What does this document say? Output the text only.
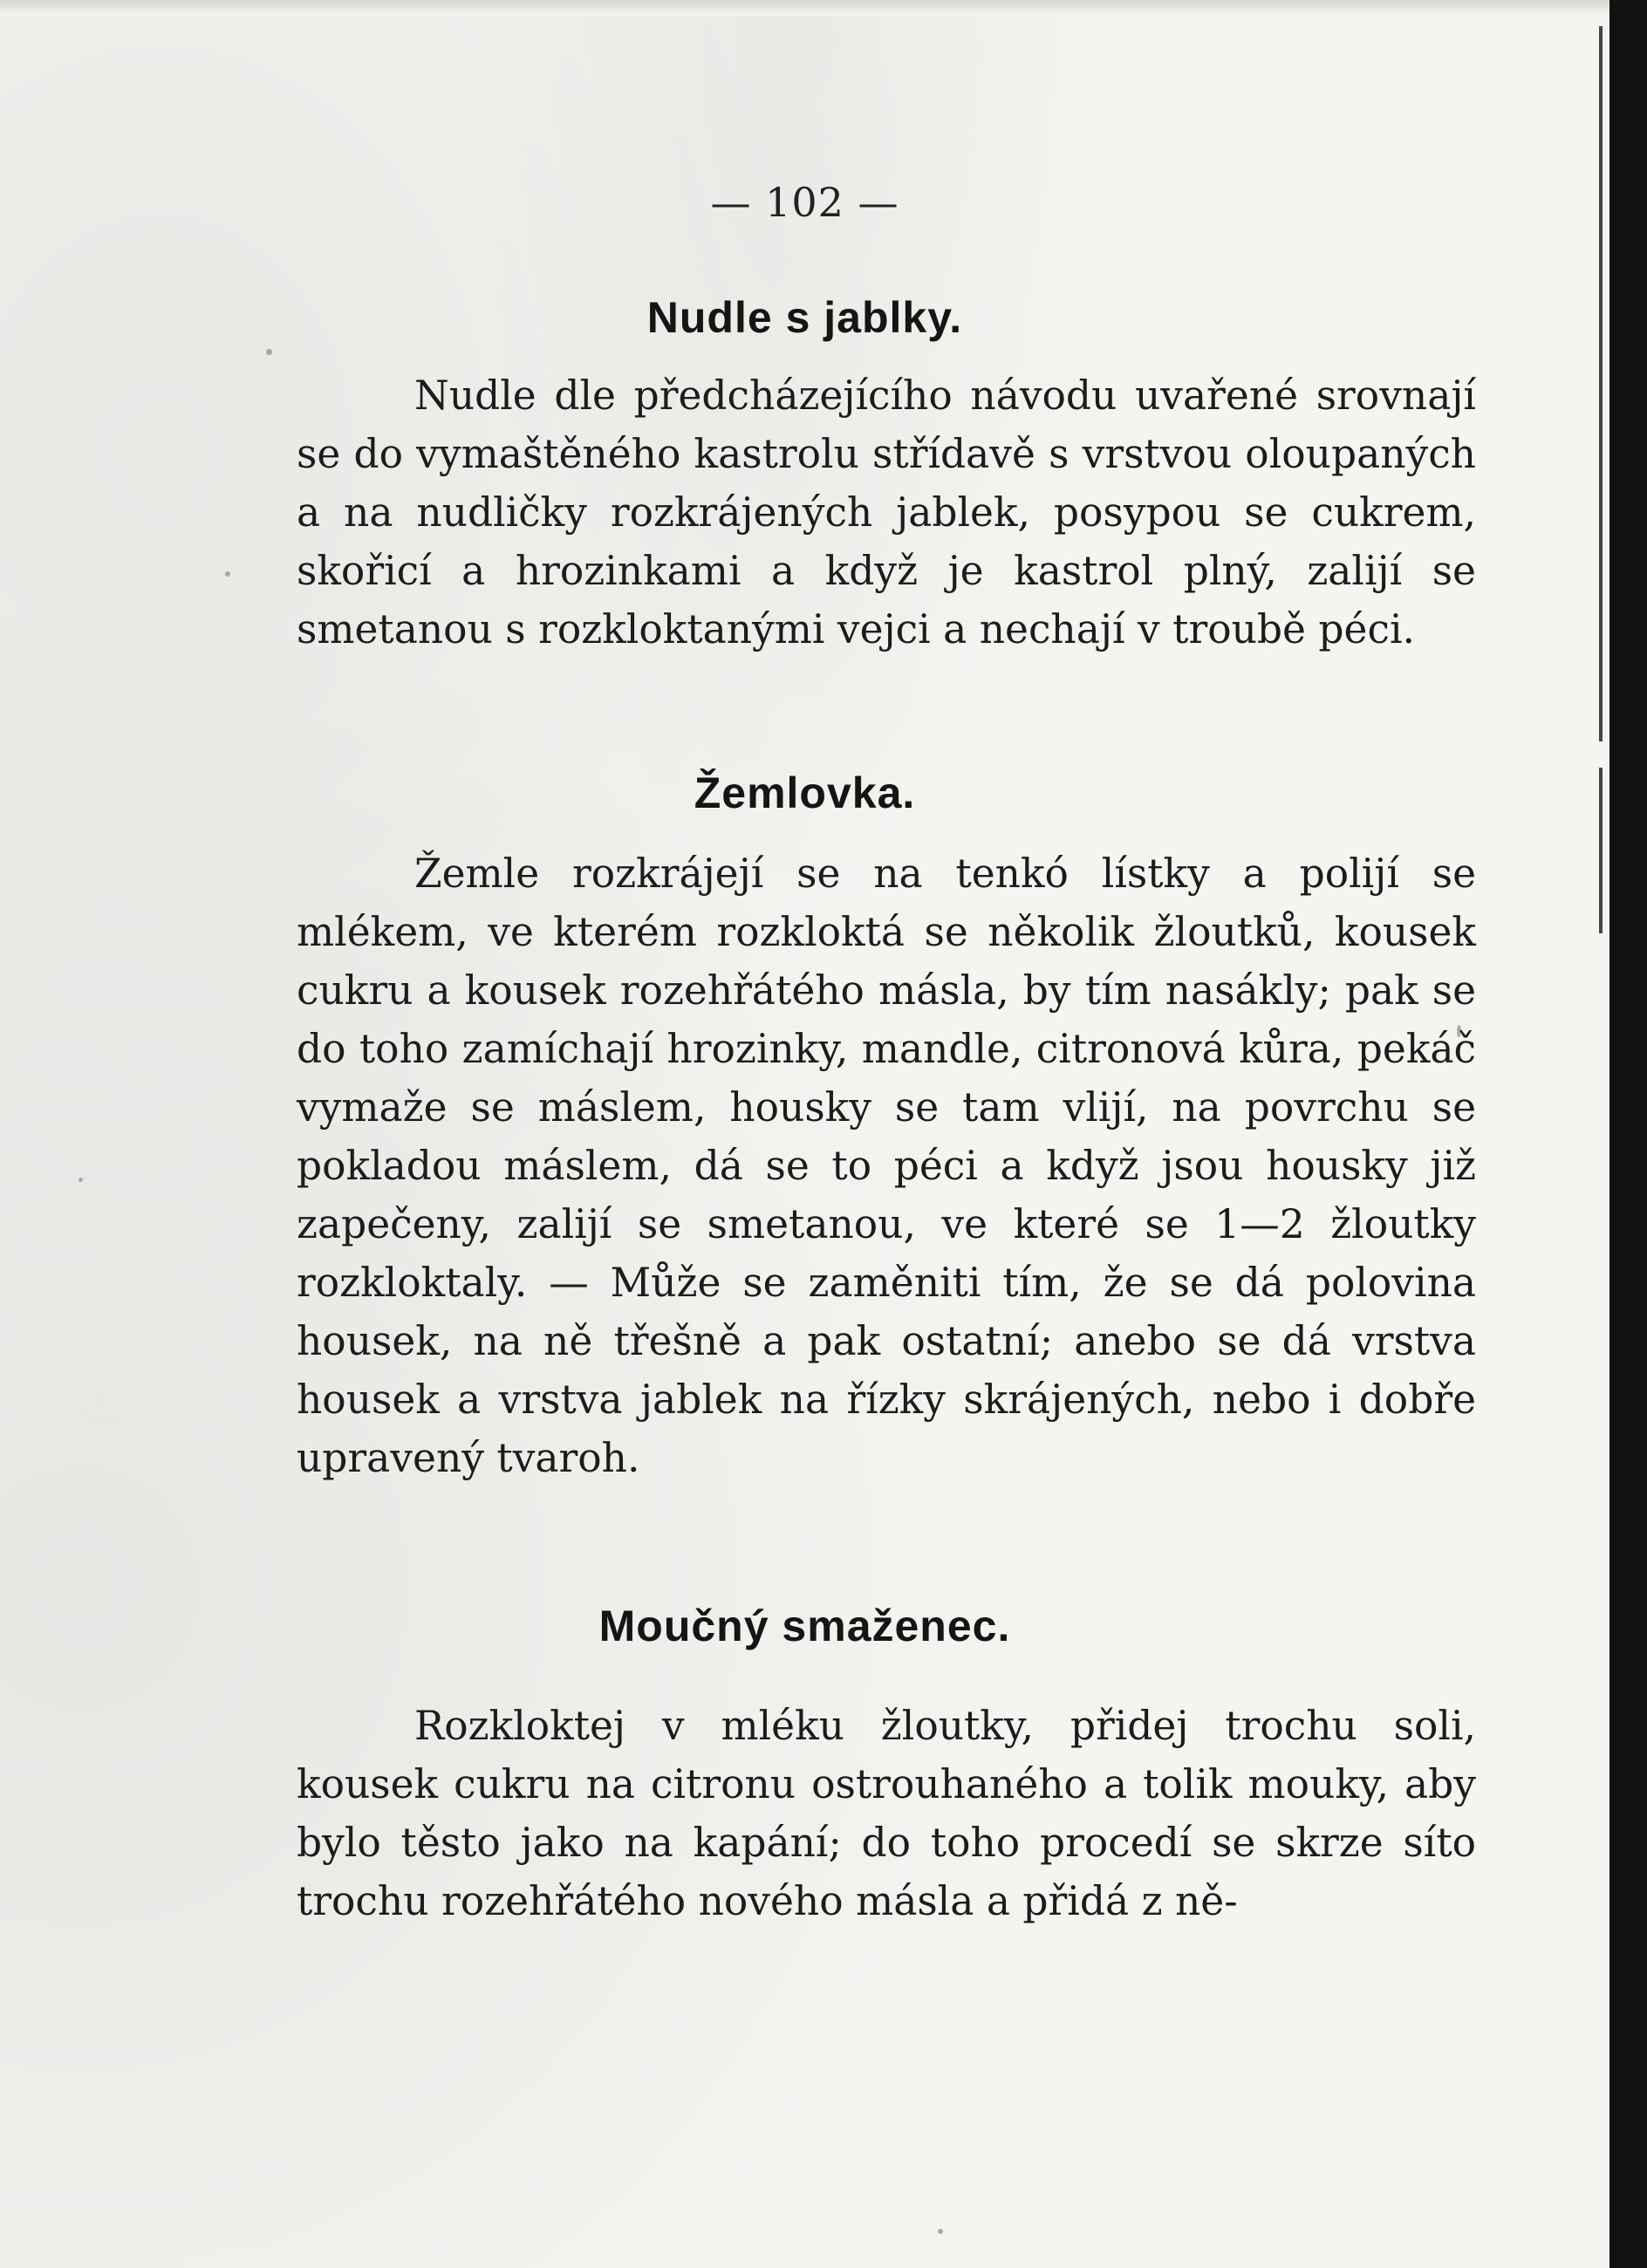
— 102 —
Nudle s jablky.

Nudle dle předcházejícího návodu uvařené srovnají se do vymaštěného kastrolu střídavě s vrstvou oloupaných a na nudličky rozkrájených jablek, posypou se cukrem, skořicí a hrozinkami a když je kastrol plný, zalijí se smetanou s rozkloktanými vejci a nechají v troubě péci.

Žemlovka.

Žemle rozkrájejí se na tenkó lístky a polijí se mlékem, ve kterém rozkloktá se několik žloutků, kousek cukru a kousek rozehřátého másla, by tím nasákly; pak se do toho zamíchají hrozinky, mandle, citronová kůra, pekáč vymaže se máslem, housky se tam vlijí, na povrchu se pokladou máslem, dá se to péci a když jsou housky již zapečeny, zalijí se smetanou, ve které se 1—2 žloutky rozkloktaly. — Může se zaměniti tím, že se dá polovina housek, na ně třešně a pak ostatní; anebo se dá vrstva housek a vrstva jablek na řízky skrájených, nebo i dobře upravený tvaroh.

Moučný smaženec.

Rozkloktej v mléku žloutky, přidej trochu soli, kousek cukru na citronu ostrouhaného a tolik mouky, aby bylo těsto jako na kapání; do toho procedí se skrze síto trochu rozehřátého nového másla a přidá z ně-
